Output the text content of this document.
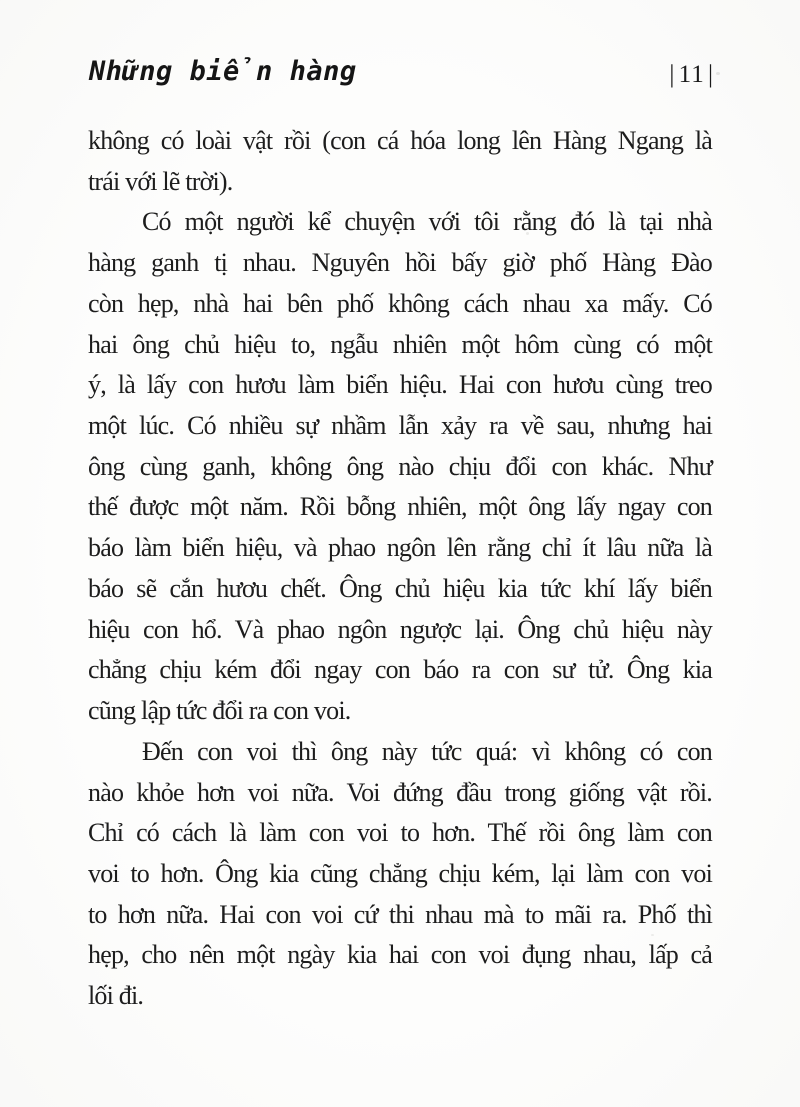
Những biển hàng	| 11 |
không có loài vật rồi (con cá hóa long lên Hàng Ngang là
trái với lẽ trời).
Có một người kể chuyện với tôi rằng đó là tại nhà
hàng ganh tị nhau. Nguyên hồi bấy giờ phố Hàng Đào
còn hẹp, nhà hai bên phố không cách nhau xa mấy. Có
hai ông chủ hiệu to, ngẫu nhiên một hôm cùng có một
ý, là lấy con hươu làm biển hiệu. Hai con hươu cùng treo
một lúc. Có nhiều sự nhầm lẫn xảy ra về sau, nhưng hai
ông cùng ganh, không ông nào chịu đổi con khác. Như
thế được một năm. Rồi bỗng nhiên, một ông lấy ngay con
báo làm biển hiệu, và phao ngôn lên rằng chỉ ít lâu nữa là
báo sẽ cắn hươu chết. Ông chủ hiệu kia tức khí lấy biển
hiệu con hổ. Và phao ngôn ngược lại. Ông chủ hiệu này
chẳng chịu kém đổi ngay con báo ra con sư tử. Ông kia
cũng lập tức đổi ra con voi.
Đến con voi thì ông này tức quá: vì không có con
nào khỏe hơn voi nữa. Voi đứng đầu trong giống vật rồi.
Chỉ có cách là làm con voi to hơn. Thế rồi ông làm con
voi to hơn. Ông kia cũng chẳng chịu kém, lại làm con voi
to hơn nữa. Hai con voi cứ thi nhau mà to mãi ra. Phố thì
hẹp, cho nên một ngày kia hai con voi đụng nhau, lấp cả
lối đi.
